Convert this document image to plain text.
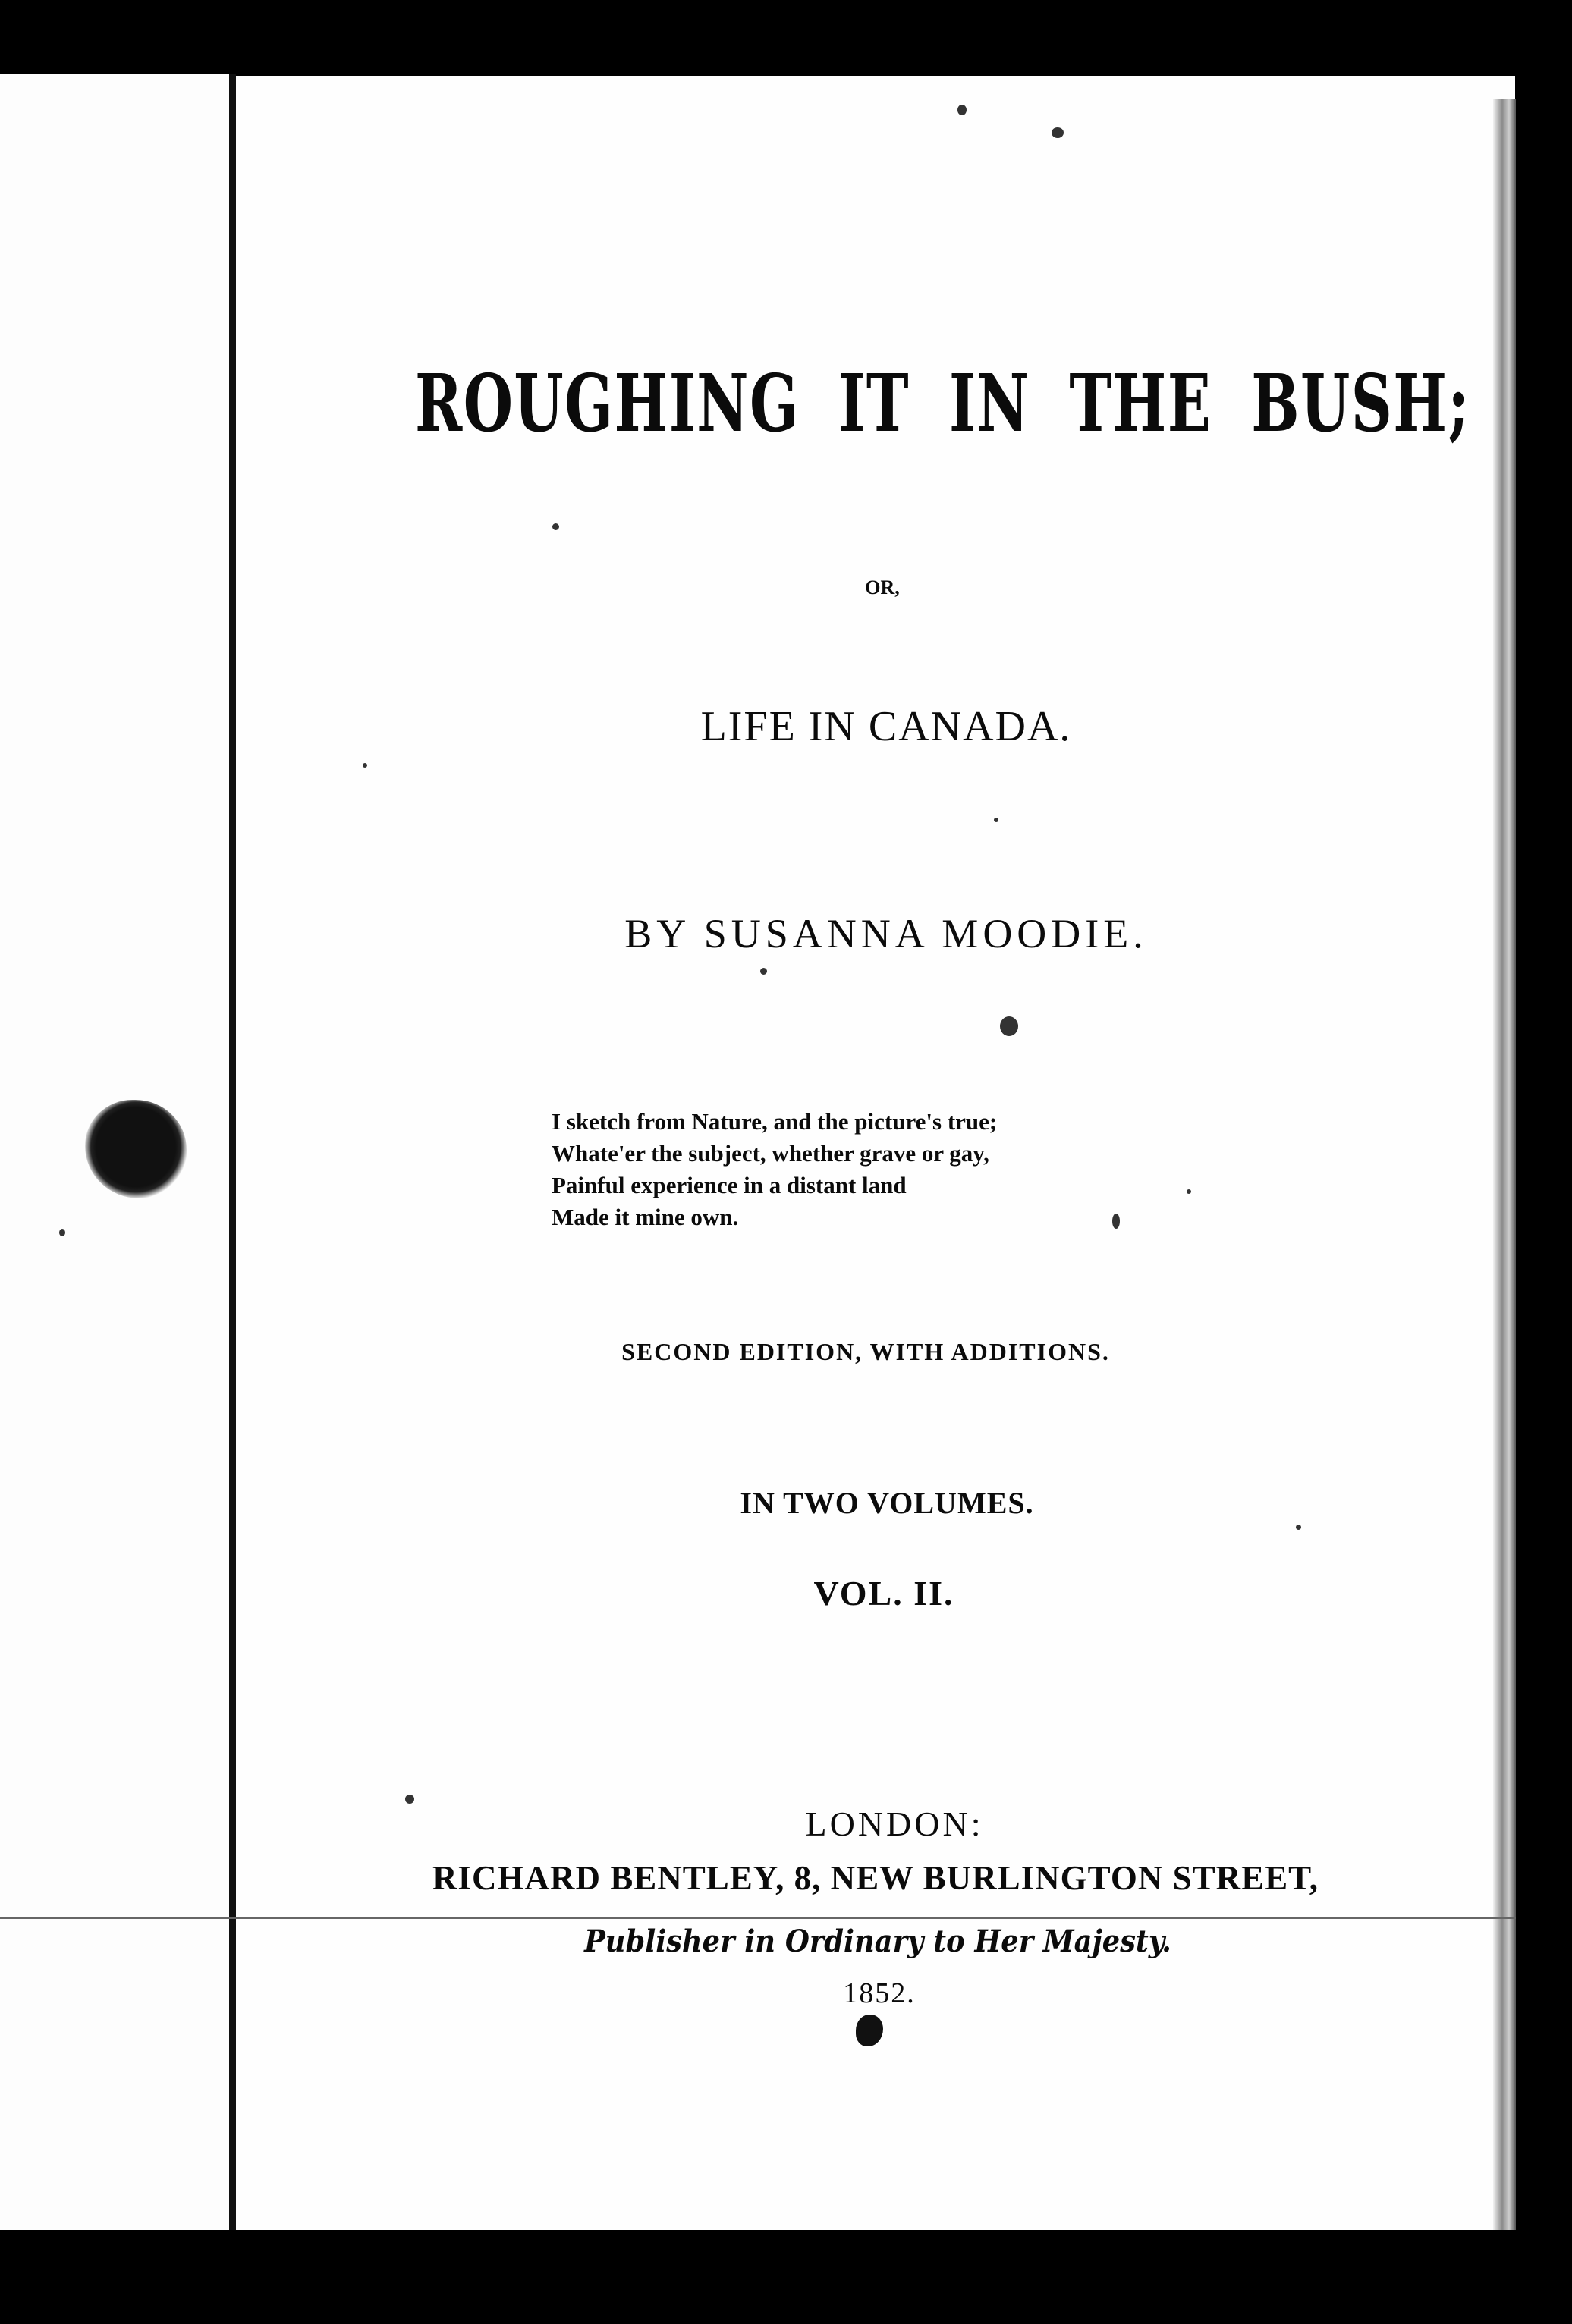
ROUGHING IT IN THE BUSH;
OR,
LIFE IN CANADA.
BY SUSANNA MOODIE.
I sketch from Nature, and the picture's true;
Whate'er the subject, whether grave or gay,
Painful experience in a distant land
Made it mine own.
SECOND EDITION, WITH ADDITIONS.
IN TWO VOLUMES.
VOL. II.
LONDON:
RICHARD BENTLEY, 8, NEW BURLINGTON STREET,
Publisher in Ordinary to Her Majesty.
1852.
